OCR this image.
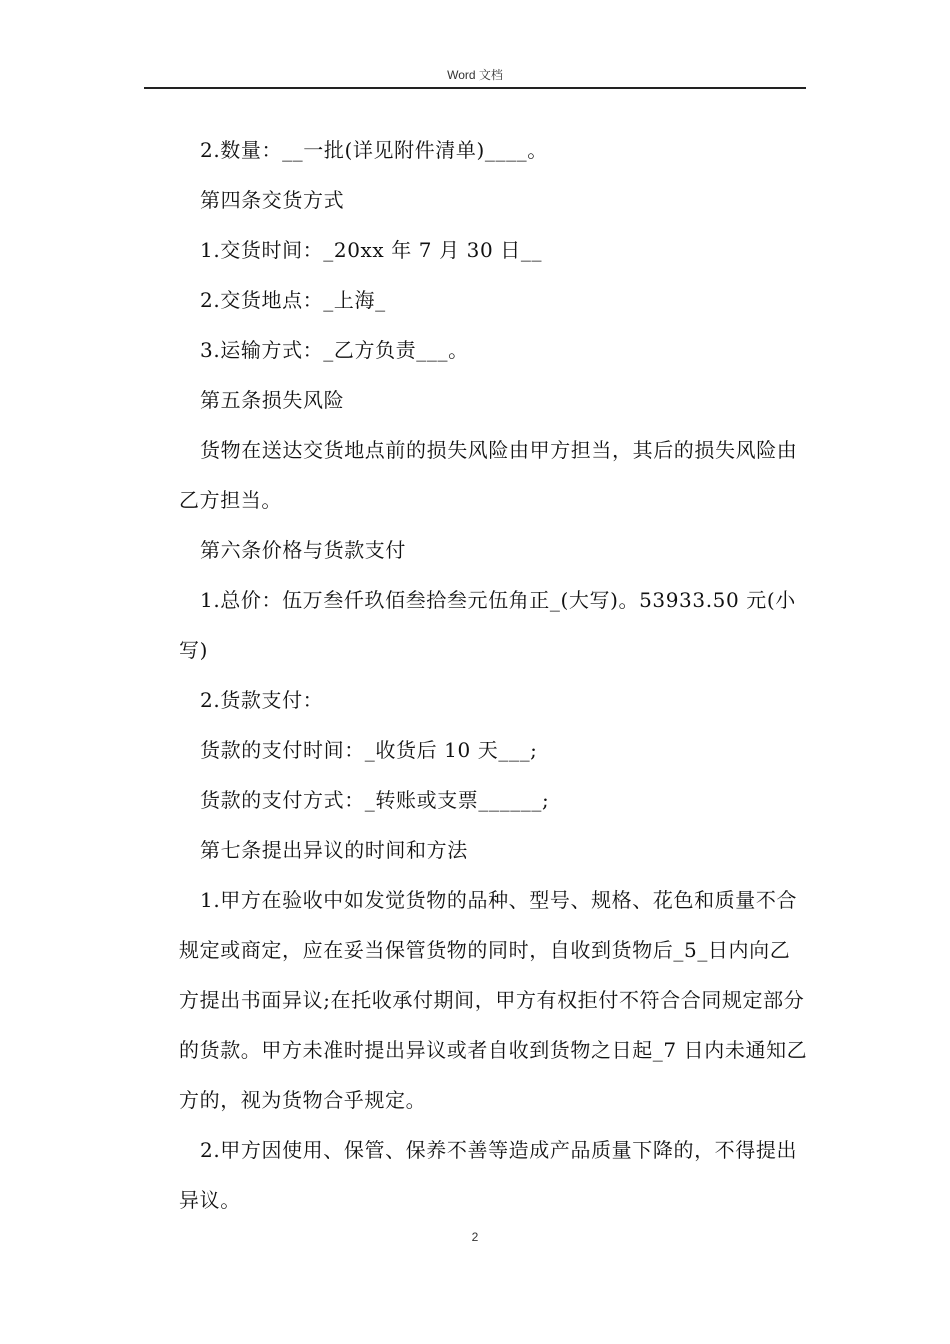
Word 文档

2.数量：__一批(详见附件清单)____。

第四条交货方式

1.交货时间：_20xx 年 7 月 30 日__

2.交货地点：_上海_

3.运输方式：_乙方负责___。

第五条损失风险

货物在送达交货地点前的损失风险由甲方担当，其后的损失风险由乙方担当。

第六条价格与货款支付

1.总价：伍万叁仟玖佰叁拾叁元伍角正_(大写)。53933.50 元(小写)

2.货款支付：

货款的支付时间：_收货后 10 天___;

货款的支付方式：_转账或支票______;

第七条提出异议的时间和方法

1.甲方在验收中如发觉货物的品种、型号、规格、花色和质量不合规定或商定，应在妥当保管货物的同时，自收到货物后_5_日内向乙方提出书面异议;在托收承付期间，甲方有权拒付不符合合同规定部分的货款。甲方未准时提出异议或者自收到货物之日起_7 日内未通知乙方的，视为货物合乎规定。

2.甲方因使用、保管、保养不善等造成产品质量下降的，不得提出异议。

2
